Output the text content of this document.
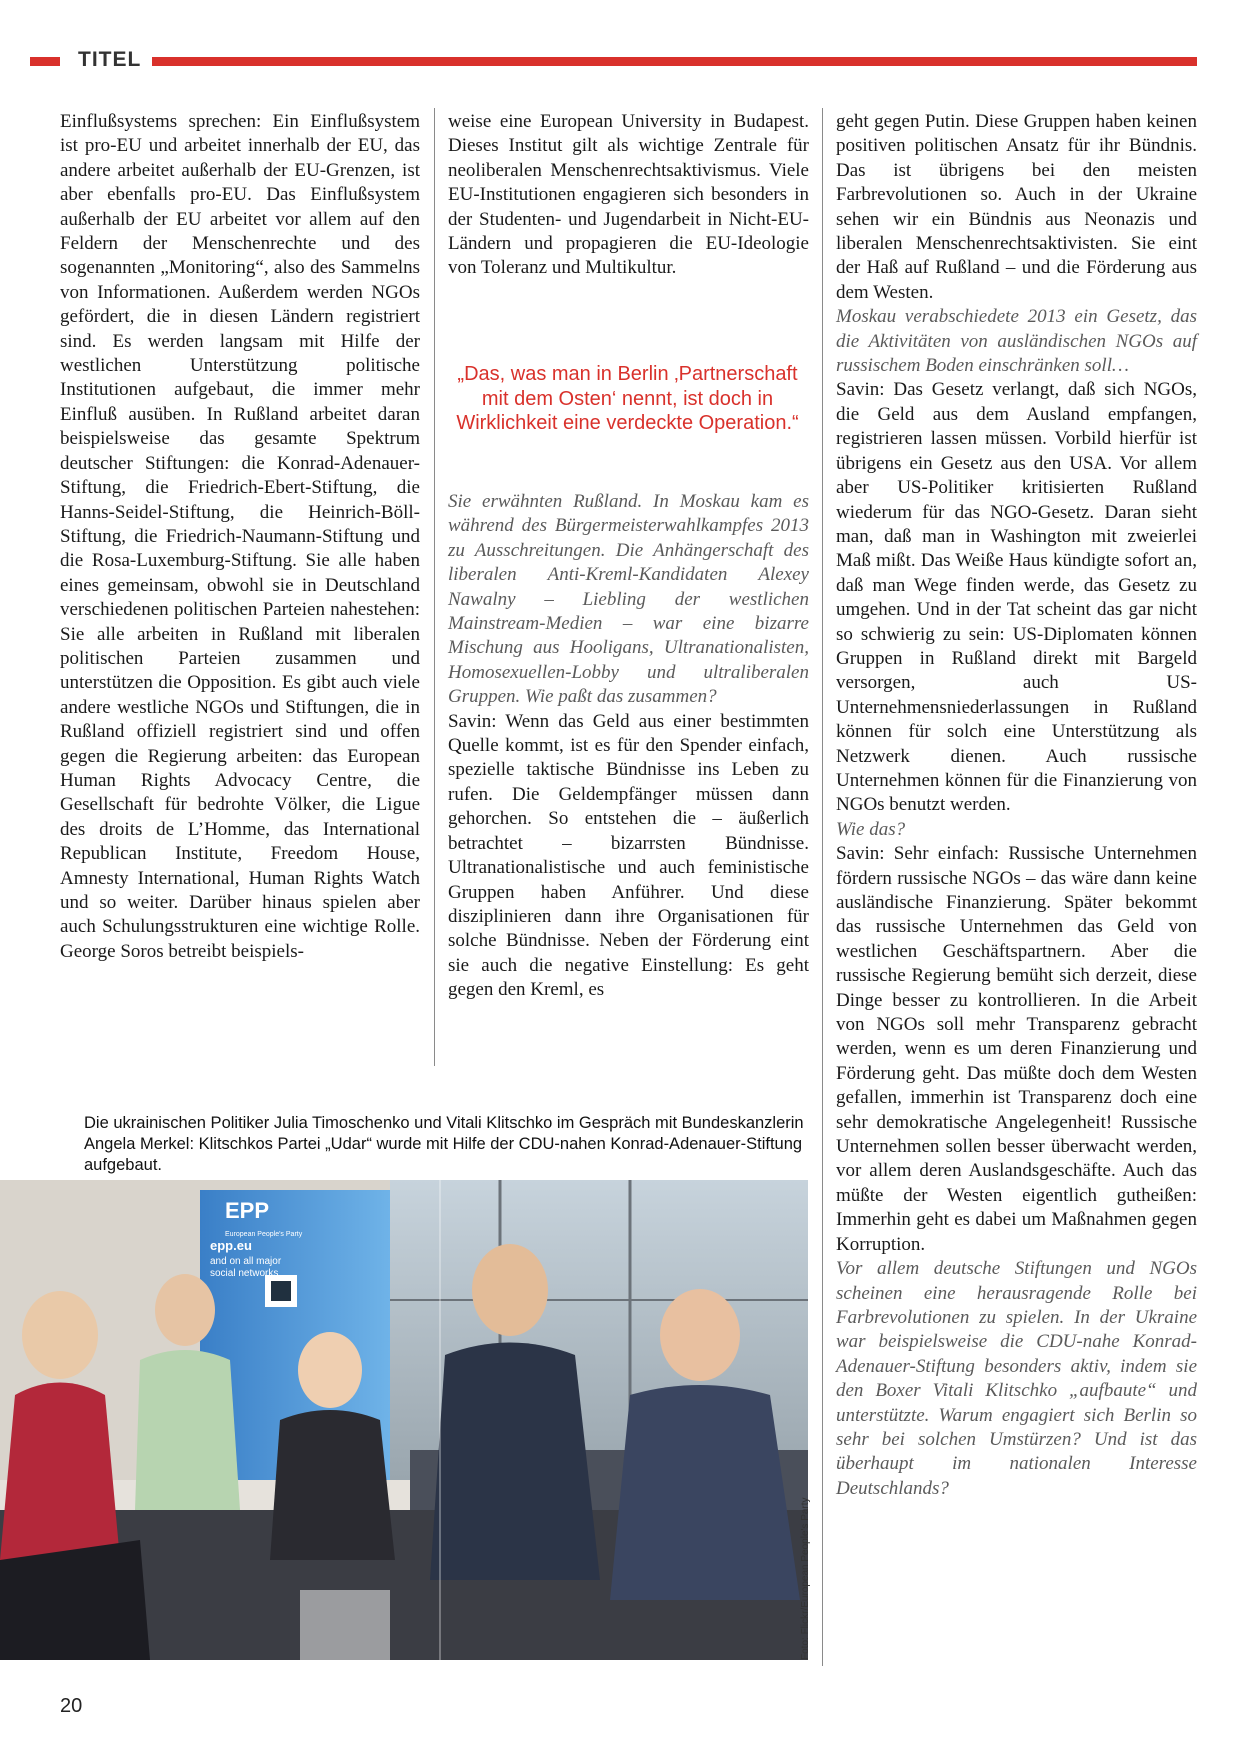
TITEL

Einflußsystems sprechen: Ein Einflußsystem ist pro-EU und arbeitet innerhalb der EU, das andere arbeitet außerhalb der EU-Grenzen, ist aber ebenfalls pro-EU. Das Einflußsystem außerhalb der EU arbeitet vor allem auf den Feldern der Menschenrechte und des sogenannten „Monitoring“, also des Sammelns von Informationen. Außerdem werden NGOs gefördert, die in diesen Ländern registriert sind. Es werden langsam mit Hilfe der westlichen Unterstützung politische Institutionen aufgebaut, die immer mehr Einfluß ausüben. In Rußland arbeitet daran beispielsweise das gesamte Spektrum deutscher Stiftungen: die Konrad-Adenauer-Stiftung, die Friedrich-Ebert-Stiftung, die Hanns-Seidel-Stiftung, die Heinrich-Böll-Stiftung, die Friedrich-Naumann-Stiftung und die Rosa-Luxemburg-Stiftung. Sie alle haben eines gemeinsam, obwohl sie in Deutschland verschiedenen politischen Parteien nahestehen: Sie alle arbeiten in Rußland mit liberalen politischen Parteien zusammen und unterstützen die Opposition. Es gibt auch viele andere westliche NGOs und Stiftungen, die in Rußland offiziell registriert sind und offen gegen die Regierung arbeiten: das European Human Rights Advocacy Centre, die Gesellschaft für bedrohte Völker, die Ligue des droits de L’Homme, das International Republican Institute, Freedom House, Amnesty International, Human Rights Watch und so weiter. Darüber hinaus spielen aber auch Schulungsstrukturen eine wichtige Rolle. George Soros betreibt beispiels-

weise eine European University in Budapest. Dieses Institut gilt als wichtige Zentrale für neoliberalen Menschenrechtsaktivismus. Viele EU-Institutionen engagieren sich besonders in der Studenten- und Jugendarbeit in Nicht-EU-Ländern und propagieren die EU-Ideologie von Toleranz und Multikultur.

„Das, was man in Berlin ‚Partnerschaft mit dem Osten‘ nennt, ist doch in Wirklichkeit eine verdeckte Operation.“

Sie erwähnten Rußland. In Moskau kam es während des Bürgermeisterwahlkampfes 2013 zu Ausschreitungen. Die Anhängerschaft des liberalen Anti-Kreml-Kandidaten Alexey Nawalny – Liebling der westlichen Mainstream-Medien – war eine bizarre Mischung aus Hooligans, Ultranationalisten, Homosexuellen-Lobby und ultraliberalen Gruppen. Wie paßt das zusammen?

Savin: Wenn das Geld aus einer bestimmten Quelle kommt, ist es für den Spender einfach, spezielle taktische Bündnisse ins Leben zu rufen. Die Geldempfänger müssen dann gehorchen. So entstehen die – äußerlich betrachtet – bizarrsten Bündnisse. Ultranationalistische und auch feministische Gruppen haben Anführer. Und diese disziplinieren dann ihre Organisationen für solche Bündnisse. Neben der Förderung eint sie auch die negative Einstellung: Es geht gegen den Kreml, es

geht gegen Putin. Diese Gruppen haben keinen positiven politischen Ansatz für ihr Bündnis. Das ist übrigens bei den meisten Farbrevolutionen so. Auch in der Ukraine sehen wir ein Bündnis aus Neonazis und liberalen Menschenrechtsaktivisten. Sie eint der Haß auf Rußland – und die Förderung aus dem Westen.

Moskau verabschiedete 2013 ein Gesetz, das die Aktivitäten von ausländischen NGOs auf russischem Boden einschränken soll…

Savin: Das Gesetz verlangt, daß sich NGOs, die Geld aus dem Ausland empfangen, registrieren lassen müssen. Vorbild hierfür ist übrigens ein Gesetz aus den USA. Vor allem aber US-Politiker kritisierten Rußland wiederum für das NGO-Gesetz. Daran sieht man, daß man in Washington mit zweierlei Maß mißt. Das Weiße Haus kündigte sofort an, daß man Wege finden werde, das Gesetz zu umgehen. Und in der Tat scheint das gar nicht so schwierig zu sein: US-Diplomaten können Gruppen in Rußland direkt mit Bargeld versorgen, auch US-Unternehmensniederlassungen in Rußland können für solch eine Unterstützung als Netzwerk dienen. Auch russische Unternehmen können für die Finanzierung von NGOs benutzt werden.

Wie das?

Savin: Sehr einfach: Russische Unternehmen fördern russische NGOs – das wäre dann keine ausländische Finanzierung. Später bekommt das russische Unternehmen das Geld von westlichen Geschäftspartnern. Aber die russische Regierung bemüht sich derzeit, diese Dinge besser zu kontrollieren. In die Arbeit von NGOs soll mehr Transparenz gebracht werden, wenn es um deren Finanzierung und Förderung geht. Das müßte doch dem Westen gefallen, immerhin ist Transparenz doch eine sehr demokratische Angelegenheit! Russische Unternehmen sollen besser überwacht werden, vor allem deren Auslandsgeschäfte. Auch das müßte der Westen eigentlich gutheißen: Immerhin geht es dabei um Maßnahmen gegen Korruption.

Vor allem deutsche Stiftungen und NGOs scheinen eine herausragende Rolle bei Farbrevolutionen zu spielen. In der Ukraine war beispielsweise die CDU-nahe Konrad-Adenauer-Stiftung besonders aktiv, indem sie den Boxer Vitali Klitschko „aufbaute“ und unterstützte. Warum engagiert sich Berlin so sehr bei solchen Umstürzen? Und ist das überhaupt im nationalen Interesse Deutschlands?

Die ukrainischen Politiker Julia Timoschenko und Vitali Klitschko im Gespräch mit Bundeskanzlerin Angela Merkel: Klitschkos Partei „Udar“ wurde mit Hilfe der CDU-nahen Konrad-Adenauer-Stiftung aufgebaut.
EPP
European People's Party
epp.eu
and on all major
social networks
Foto: Flickr/European People's Party
20
